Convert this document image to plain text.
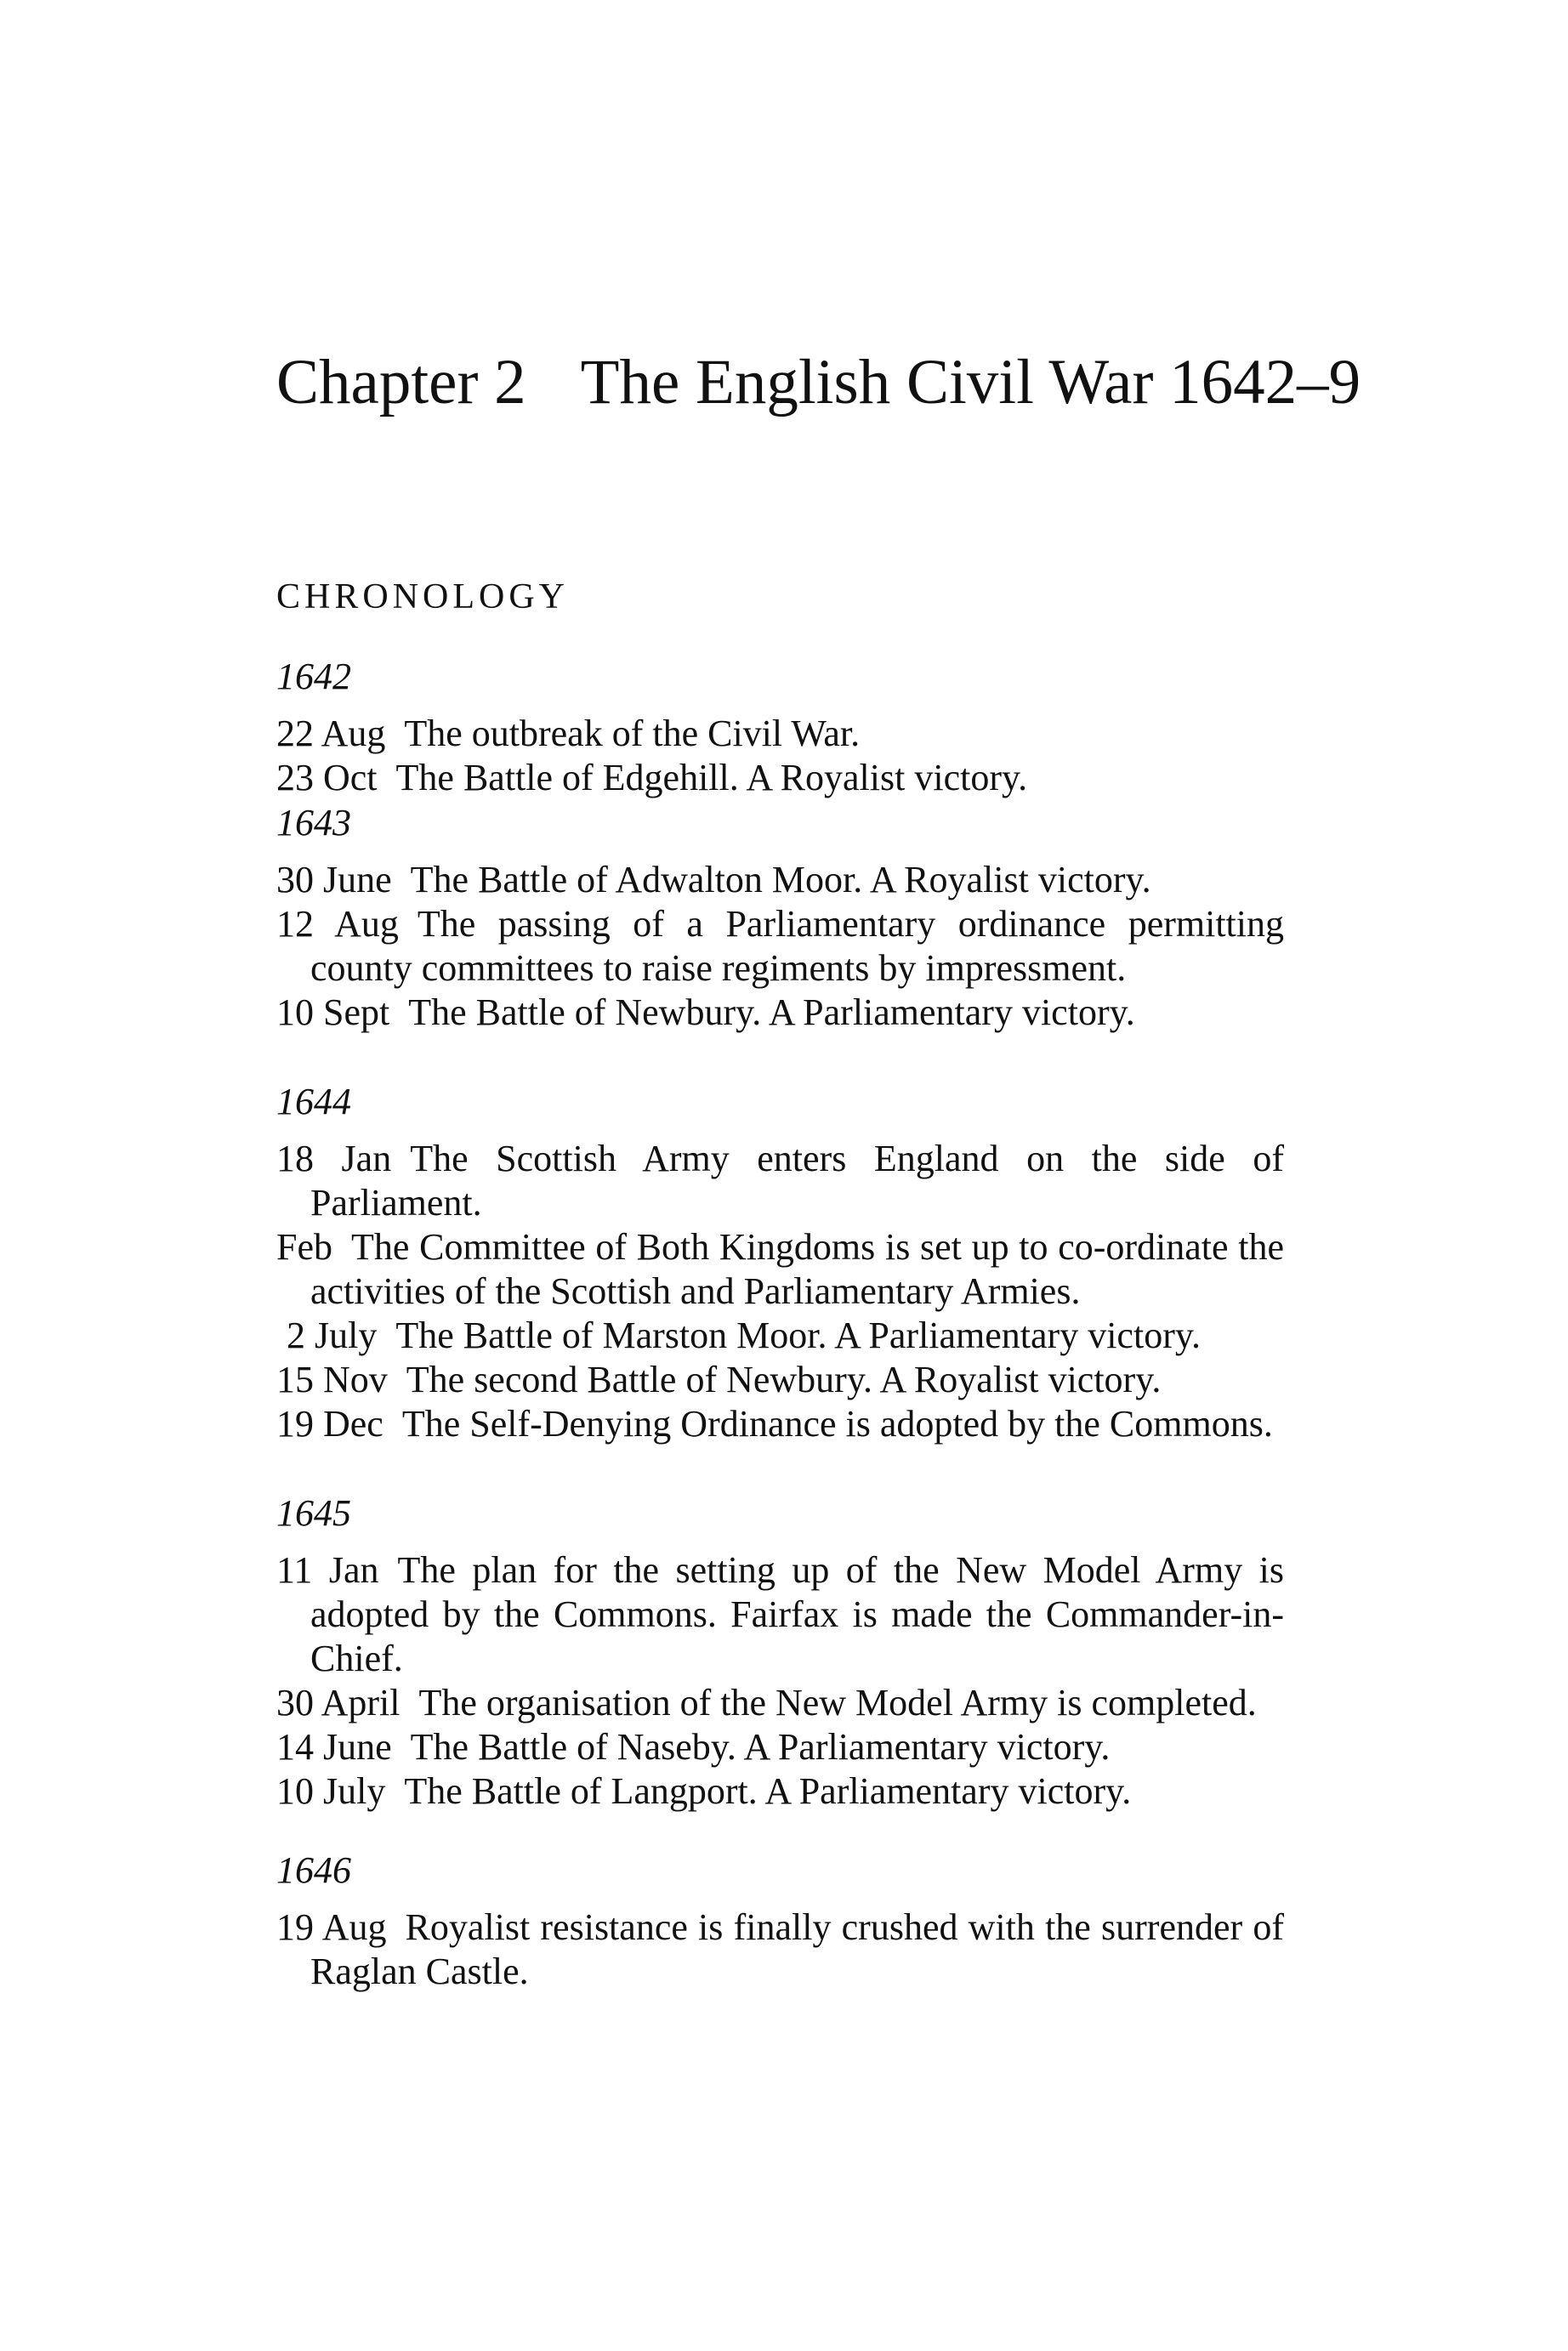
Chapter 2 The English Civil War 1642–9
CHRONOLOGY

1642

22 Aug The outbreak of the Civil War.

23 Oct The Battle of Edgehill. A Royalist victory.

1643

30 June The Battle of Adwalton Moor. A Royalist victory.

12 Aug The passing of a Parliamentary ordinance permitting county committees to raise regiments by impressment.

10 Sept The Battle of Newbury. A Parliamentary victory.

1644

18 Jan The Scottish Army enters England on the side of Parliament.

Feb The Committee of Both Kingdoms is set up to co-ordinate the activities of the Scottish and Parliamentary Armies.

2 July The Battle of Marston Moor. A Parliamentary victory.

15 Nov The second Battle of Newbury. A Royalist victory.

19 Dec The Self-Denying Ordinance is adopted by the Commons.

1645

11 Jan The plan for the setting up of the New Model Army is adopted by the Commons. Fairfax is made the Commander-in-Chief.

30 April The organisation of the New Model Army is completed.

14 June The Battle of Naseby. A Parliamentary victory.

10 July The Battle of Langport. A Parliamentary victory.

1646

19 Aug Royalist resistance is finally crushed with the surrender of Raglan Castle.
